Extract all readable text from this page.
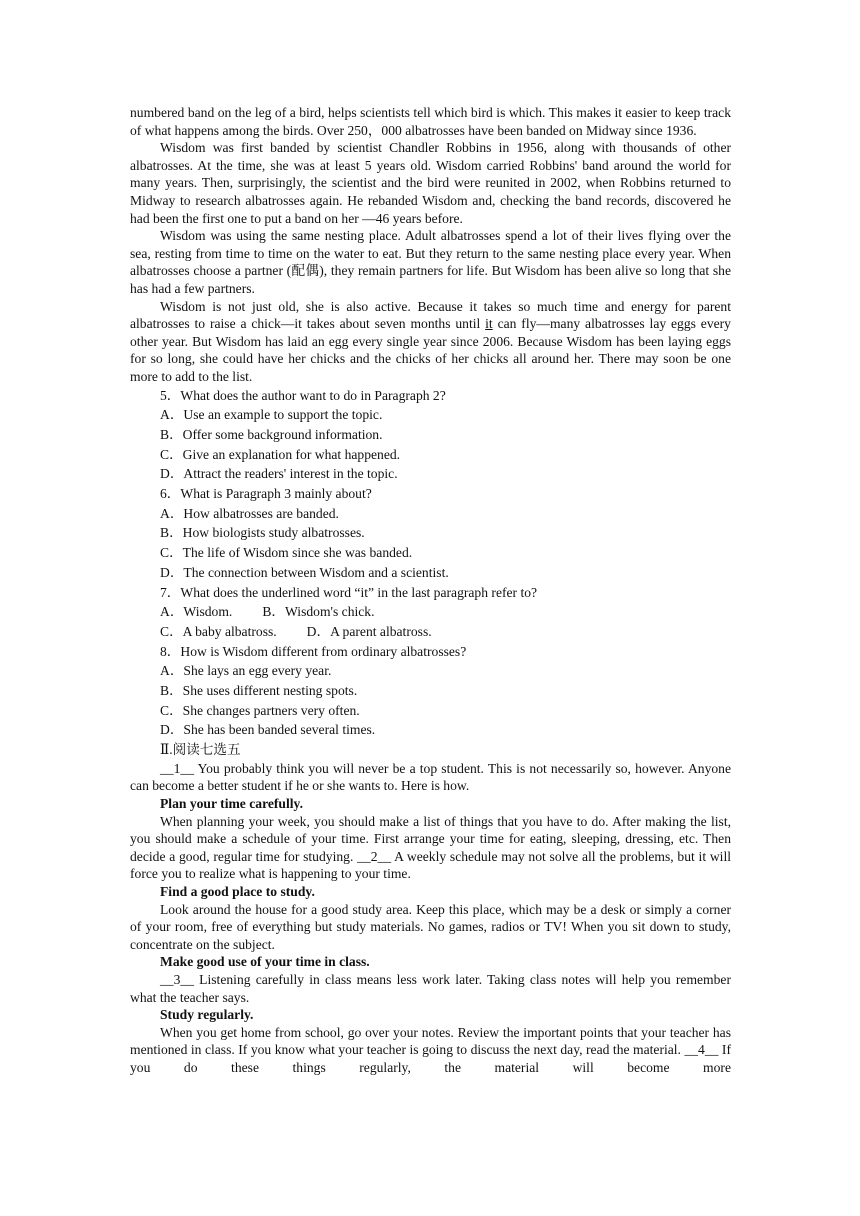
numbered band on the leg of a bird, helps scientists tell which bird is which. This makes it easier to keep track of what happens among the birds. Over 250，000 albatrosses have been banded on Midway since 1936.

Wisdom was first banded by scientist Chandler Robbins in 1956, along with thousands of other albatrosses. At the time, she was at least 5 years old. Wisdom carried Robbins' band around the world for many years. Then, surprisingly, the scientist and the bird were reunited in 2002, when Robbins returned to Midway to research albatrosses again. He rebanded Wisdom and, checking the band records, discovered he had been the first one to put a band on her —46 years before.

Wisdom was using the same nesting place. Adult albatrosses spend a lot of their lives flying over the sea, resting from time to time on the water to eat. But they return to the same nesting place every year. When albatrosses choose a partner (配偶), they remain partners for life. But Wisdom has been alive so long that she has had a few partners.

Wisdom is not just old, she is also active. Because it takes so much time and energy for parent albatrosses to raise a chick—it takes about seven months until it can fly—many albatrosses lay eggs every other year. But Wisdom has laid an egg every single year since 2006. Because Wisdom has been laying eggs for so long, she could have her chicks and the chicks of her chicks all around her. There may soon be one more to add to the list.

5．What does the author want to do in Paragraph 2?

A．Use an example to support the topic.

B．Offer some background information.

C．Give an explanation for what happened.

D．Attract the readers' interest in the topic.

6．What is Paragraph 3 mainly about?

A．How albatrosses are banded.

B．How biologists study albatrosses.

C．The life of Wisdom since she was banded.

D．The connection between Wisdom and a scientist.

7．What does the underlined word “it” in the last paragraph refer to?

A．Wisdom. B．Wisdom's chick.

C．A baby albatross. D．A parent albatross.

8．How is Wisdom different from ordinary albatrosses?

A．She lays an egg every year.

B．She uses different nesting spots.

C．She changes partners very often.

D．She has been banded several times.

Ⅱ.阅读七选五

__1__ You probably think you will never be a top student. This is not necessarily so, however. Anyone can become a better student if he or she wants to. Here is how.

Plan your time carefully.

When planning your week, you should make a list of things that you have to do. After making the list, you should make a schedule of your time. First arrange your time for eating, sleeping, dressing, etc. Then decide a good, regular time for studying. __2__ A weekly schedule may not solve all the problems, but it will force you to realize what is happening to your time.

Find a good place to study.

Look around the house for a good study area. Keep this place, which may be a desk or simply a corner of your room, free of everything but study materials. No games, radios or TV! When you sit down to study, concentrate on the subject.

Make good use of your time in class.

__3__ Listening carefully in class means less work later. Taking class notes will help you remember what the teacher says.

Study regularly.

When you get home from school, go over your notes. Review the important points that your teacher has mentioned in class. If you know what your teacher is going to discuss the next day, read the material. __4__ If you do these things regularly, the material will become more
